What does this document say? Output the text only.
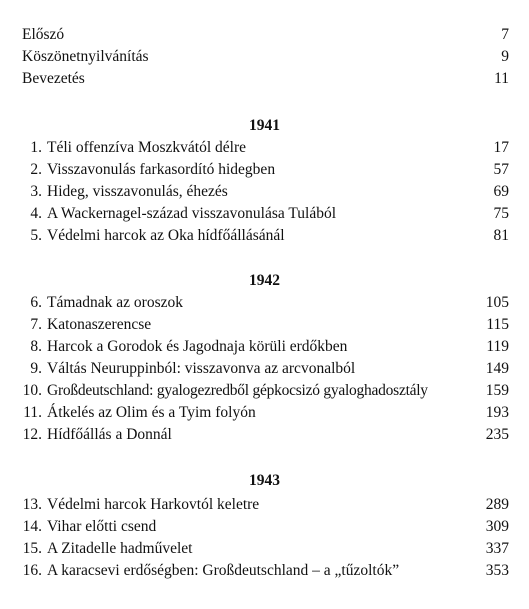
Előszó	7
Köszönetnyilvánítás	9
Bevezetés	11
1941
1. Téli offenzíva Moszkvától délre	17
2. Visszavonulás farkasordító hidegben	57
3. Hideg, visszavonulás, éhezés	69
4. A Wackernagel-század visszavonulása Tulából	75
5. Védelmi harcok az Oka hídfőállásánál	81
1942
6. Támadnak az oroszok	105
7. Katonaszerencse	115
8. Harcok a Gorodok és Jagodnaja körüli erdőkben	119
9. Váltás Neuruppinból: visszavonva az arcvonalból	149
10. Großdeutschland: gyalogezredből gépkocsizó gyaloghadosztály	159
11. Átkelés az Olim és a Tyim folyón	193
12. Hídfőállás a Donnál	235
1943
13. Védelmi harcok Harkovtól keletre	289
14. Vihar előtti csend	309
15. A Zitadelle hadművelet	337
16. A karacsevi erdőségben: Großdeutschland – a „tűzoltók”	353
